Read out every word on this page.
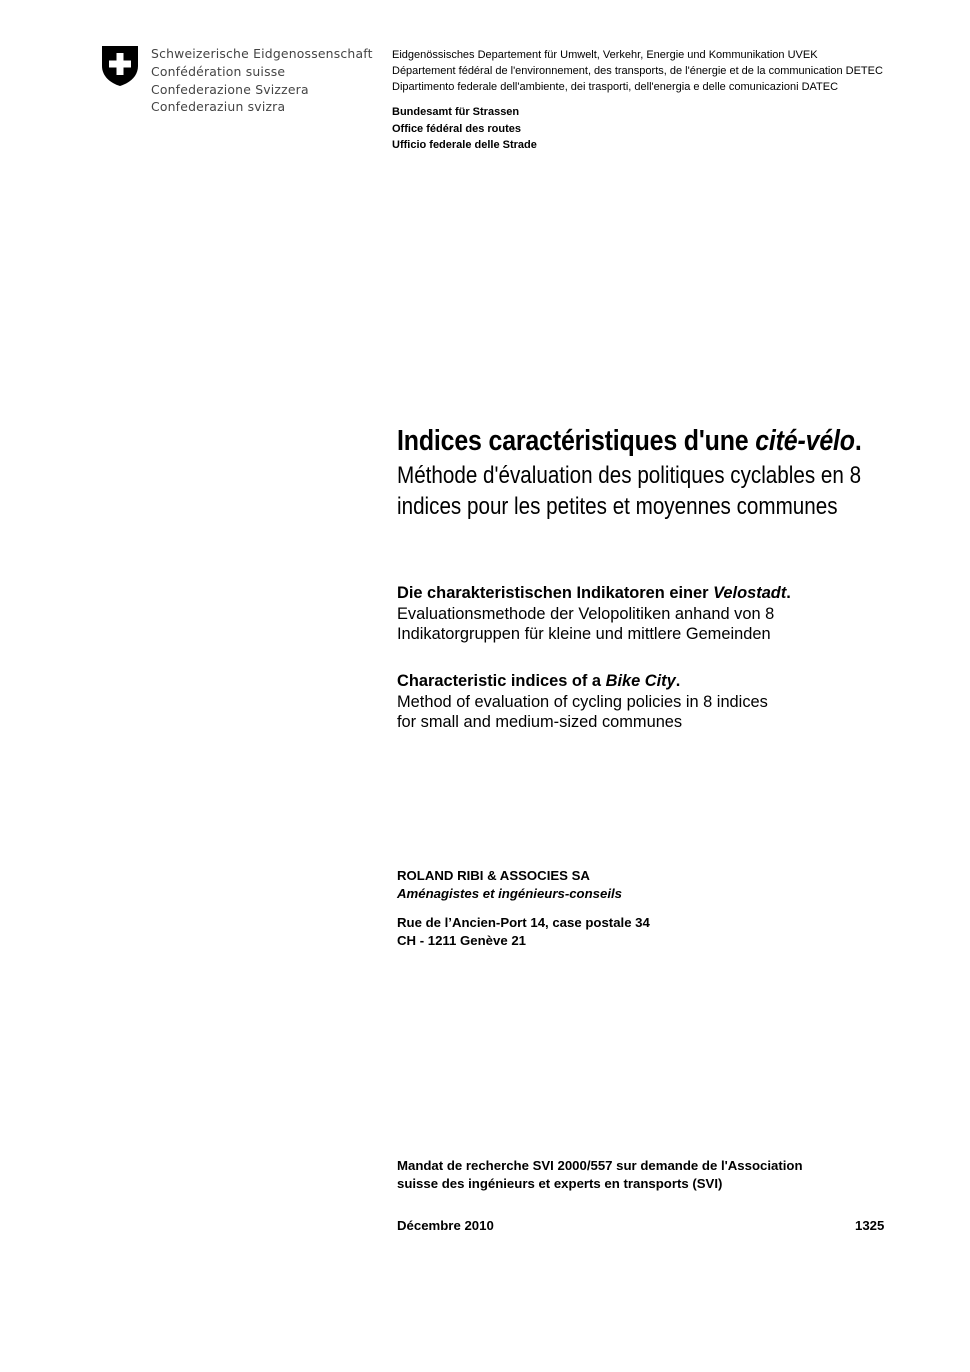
Schweizerische Eidgenossenschaft
Confédération suisse
Confederazione Svizzera
Confederaziun svizra
Eidgenössisches Departement für Umwelt, Verkehr, Energie und Kommunikation UVEK
Département fédéral de l'environnement, des transports, de l'énergie et de la communication DETEC
Dipartimento federale dell'ambiente, dei trasporti, dell'energia e delle comunicazioni DATEC
Bundesamt für Strassen
Office fédéral des routes
Ufficio federale delle Strade
Indices caractéristiques d'une cité-vélo.
Méthode d'évaluation des politiques cyclables en 8
indices pour les petites et moyennes communes
Die charakteristischen Indikatoren einer Velostadt.
Evaluationsmethode der Velopolitiken anhand von 8
Indikatorgruppen für kleine und mittlere Gemeinden
Characteristic indices of a Bike City.
Method of evaluation of cycling policies in 8 indices
for small and medium-sized communes
ROLAND RIBI & ASSOCIES SA
Aménagistes et ingénieurs-conseils
Rue de l’Ancien-Port 14, case postale 34
CH - 1211 Genève 21
Mandat de recherche SVI 2000/557 sur demande de l'Association
suisse des ingénieurs et experts en transports (SVI)
Décembre 2010	1325
